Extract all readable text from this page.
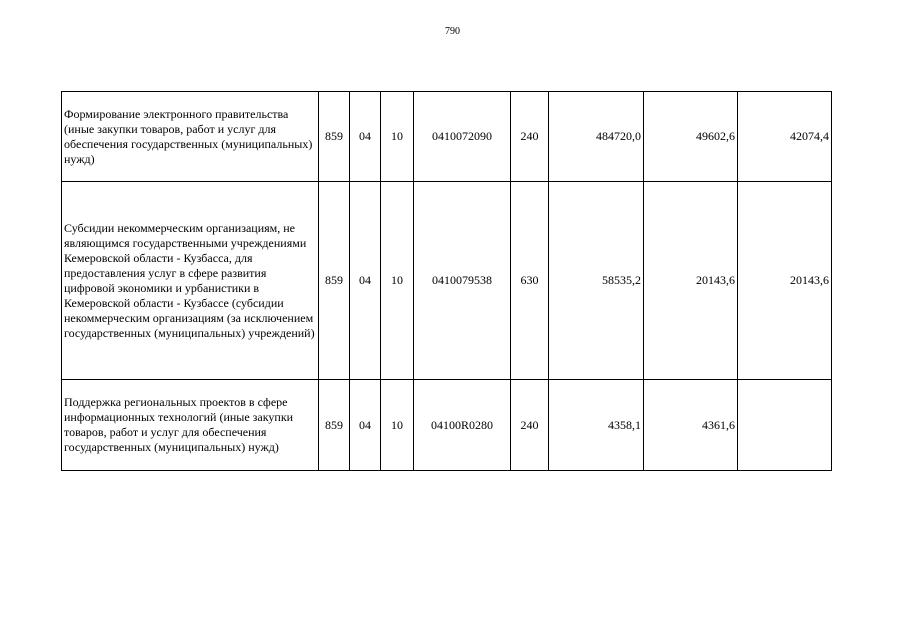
790
Формирование электронного правительства (иные закупки товаров, работ и услуг для обеспечения государственных (муниципальных) нужд)	859	04	10	0410072090	240	484720,0	49602,6	42074,4
Субсидии некоммерческим организациям, не являющимся государственными учреждениями Кемеровской области - Кузбасса, для предоставления услуг в сфере развития цифровой экономики и урбанистики в Кемеровской области - Кузбассе (субсидии некоммерческим организациям (за исключением государственных (муниципальных) учреждений)	859	04	10	0410079538	630	58535,2	20143,6	20143,6
Поддержка региональных проектов в сфере информационных технологий (иные закупки товаров, работ и услуг для обеспечения государственных (муниципальных) нужд)	859	04	10	04100R0280	240	4358,1	4361,6	
